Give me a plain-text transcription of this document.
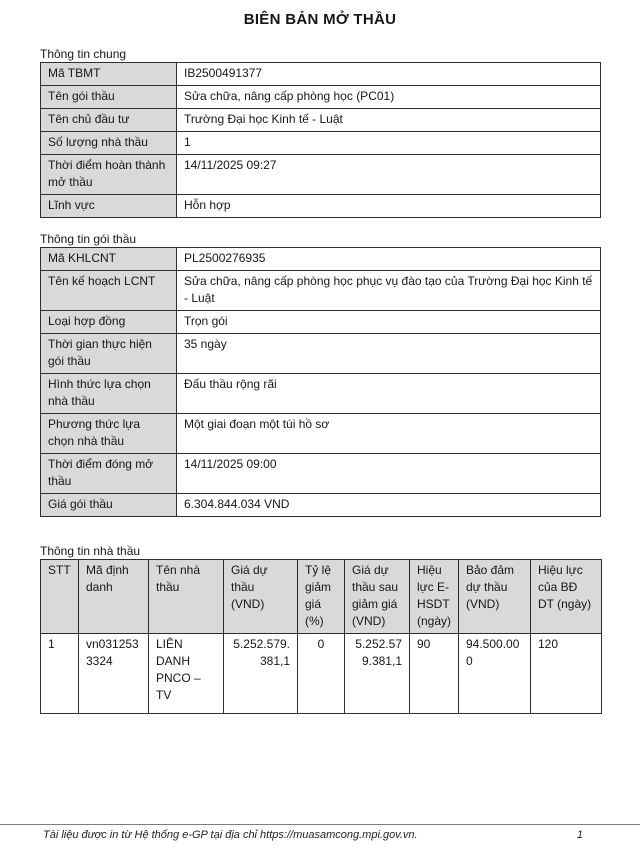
BIÊN BẢN MỞ THẦU
Thông tin chung
Mã TBMT	IB2500491377
Tên gói thầu	Sửa chữa, nâng cấp phòng học (PC01)
Tên chủ đầu tư	Trường Đại học Kinh tế - Luật
Số lượng nhà thầu	1
Thời điểm hoàn thành mở thầu	14/11/2025 09:27
Lĩnh vực	Hỗn hợp
Thông tin gói thầu
Mã KHLCNT	PL2500276935
Tên kế hoạch LCNT	Sửa chữa, nâng cấp phòng học phục vụ đào tạo của Trường Đại học Kinh tế - Luật
Loại hợp đồng	Trọn gói
Thời gian thực hiện gói thầu	35 ngày
Hình thức lựa chọn nhà thầu	Đấu thầu rộng rãi
Phương thức lựa chọn nhà thầu	Một giai đoạn một túi hồ sơ
Thời điểm đóng mở thầu	14/11/2025 09:00
Giá gói thầu	6.304.844.034 VND
Thông tin nhà thầu
STT	Mã định danh	Tên nhà thầu	Giá dự thầu (VND)	Tỷ lệ giảm giá (%)	Giá dự thầu sau giảm giá (VND)	Hiệu lực E-HSDT (ngày)	Bảo đảm dự thầu (VND)	Hiệu lực của BĐ DT (ngày)
1	vn0312533324	LIÊN DANH PNCO – TV	5.252.579.381,1	0	5.252.579.381,1	90	94.500.000	120
Tài liệu được in từ Hệ thống e-GP tại địa chỉ https://muasamcong.mpi.gov.vn.	1
